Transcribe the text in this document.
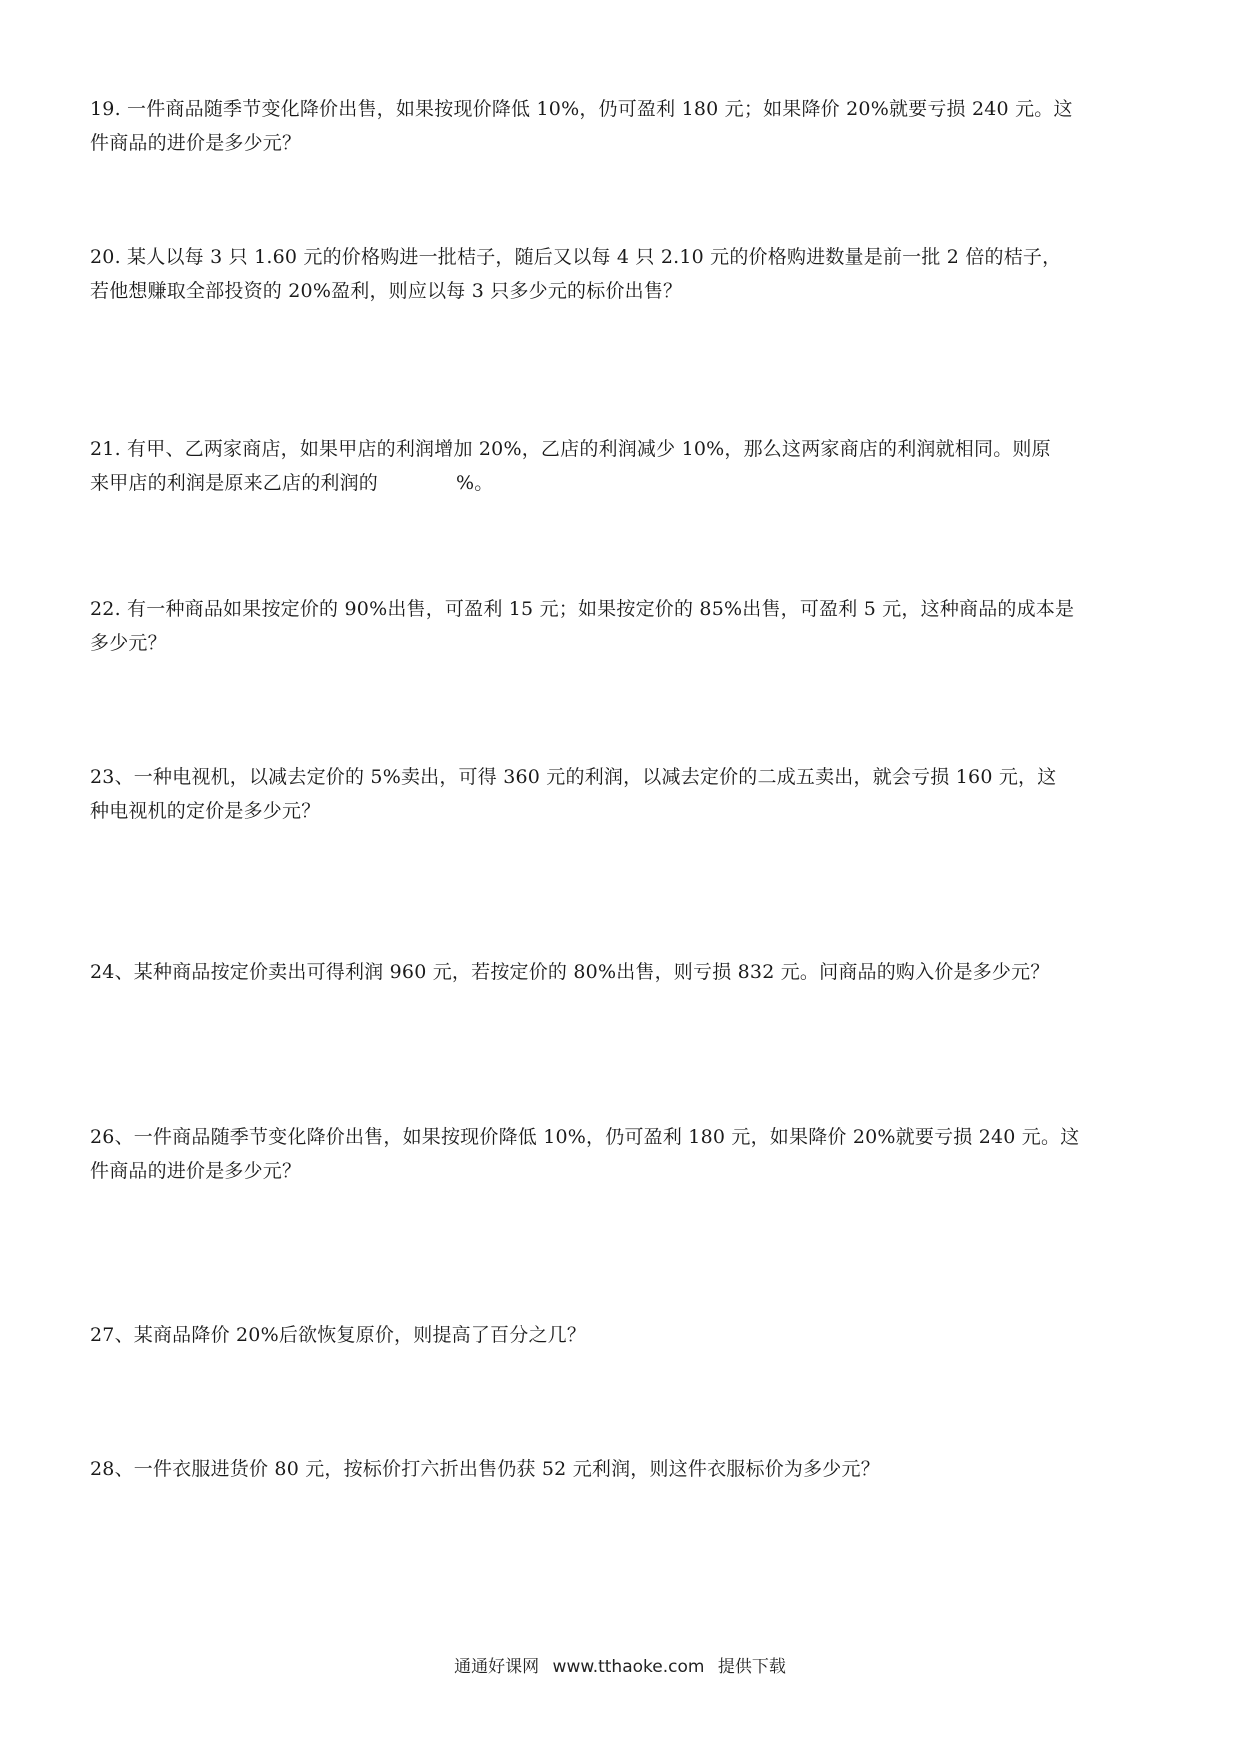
19. 一件商品随季节变化降价出售，如果按现价降低 10%，仍可盈利 180 元；如果降价 20%就要亏损 240 元。这
件商品的进价是多少元？
20. 某人以每 3 只 1.60 元的价格购进一批桔子，随后又以每 4 只 2.10 元的价格购进数量是前一批 2 倍的桔子，
若他想赚取全部投资的 20%盈利，则应以每 3 只多少元的标价出售？
21. 有甲、乙两家商店，如果甲店的利润增加 20%，乙店的利润减少 10%，那么这两家商店的利润就相同。则原
来甲店的利润是原来乙店的利润的	%。
22. 有一种商品如果按定价的 90%出售，可盈利 15 元；如果按定价的 85%出售，可盈利 5 元，这种商品的成本是
多少元？
23、一种电视机，以减去定价的 5%卖出，可得 360 元的利润，以减去定价的二成五卖出，就会亏损 160 元，这
种电视机的定价是多少元？
24、某种商品按定价卖出可得利润 960 元，若按定价的 80%出售，则亏损 832 元。问商品的购入价是多少元？
26、一件商品随季节变化降价出售，如果按现价降低 10%，仍可盈利 180 元，如果降价 20%就要亏损 240 元。这
件商品的进价是多少元？
27、某商品降价 20%后欲恢复原价，则提高了百分之几？
28、一件衣服进货价 80 元，按标价打六折出售仍获 52 元利润，则这件衣服标价为多少元？
通通好课网 www.tthaoke.com 提供下载
